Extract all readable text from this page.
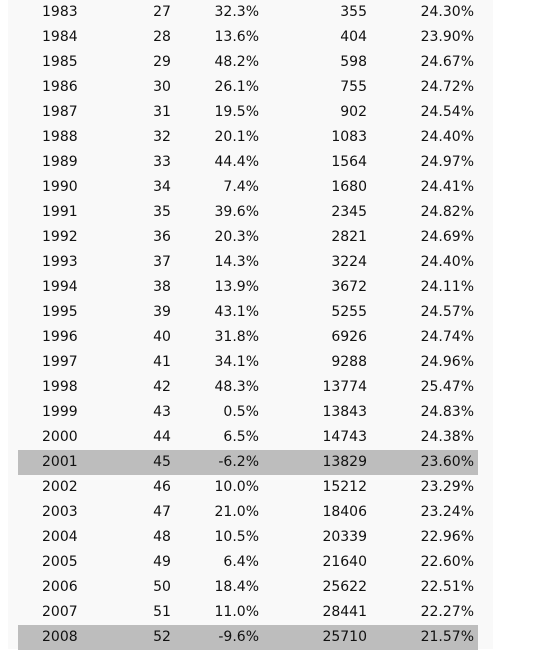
1983	27	32.3%	355	24.30%
1984	28	13.6%	404	23.90%
1985	29	48.2%	598	24.67%
1986	30	26.1%	755	24.72%
1987	31	19.5%	902	24.54%
1988	32	20.1%	1083	24.40%
1989	33	44.4%	1564	24.97%
1990	34	7.4%	1680	24.41%
1991	35	39.6%	2345	24.82%
1992	36	20.3%	2821	24.69%
1993	37	14.3%	3224	24.40%
1994	38	13.9%	3672	24.11%
1995	39	43.1%	5255	24.57%
1996	40	31.8%	6926	24.74%
1997	41	34.1%	9288	24.96%
1998	42	48.3%	13774	25.47%
1999	43	0.5%	13843	24.83%
2000	44	6.5%	14743	24.38%
2001	45	-6.2%	13829	23.60%
2002	46	10.0%	15212	23.29%
2003	47	21.0%	18406	23.24%
2004	48	10.5%	20339	22.96%
2005	49	6.4%	21640	22.60%
2006	50	18.4%	25622	22.51%
2007	51	11.0%	28441	22.27%
2008	52	-9.6%	25710	21.57%
